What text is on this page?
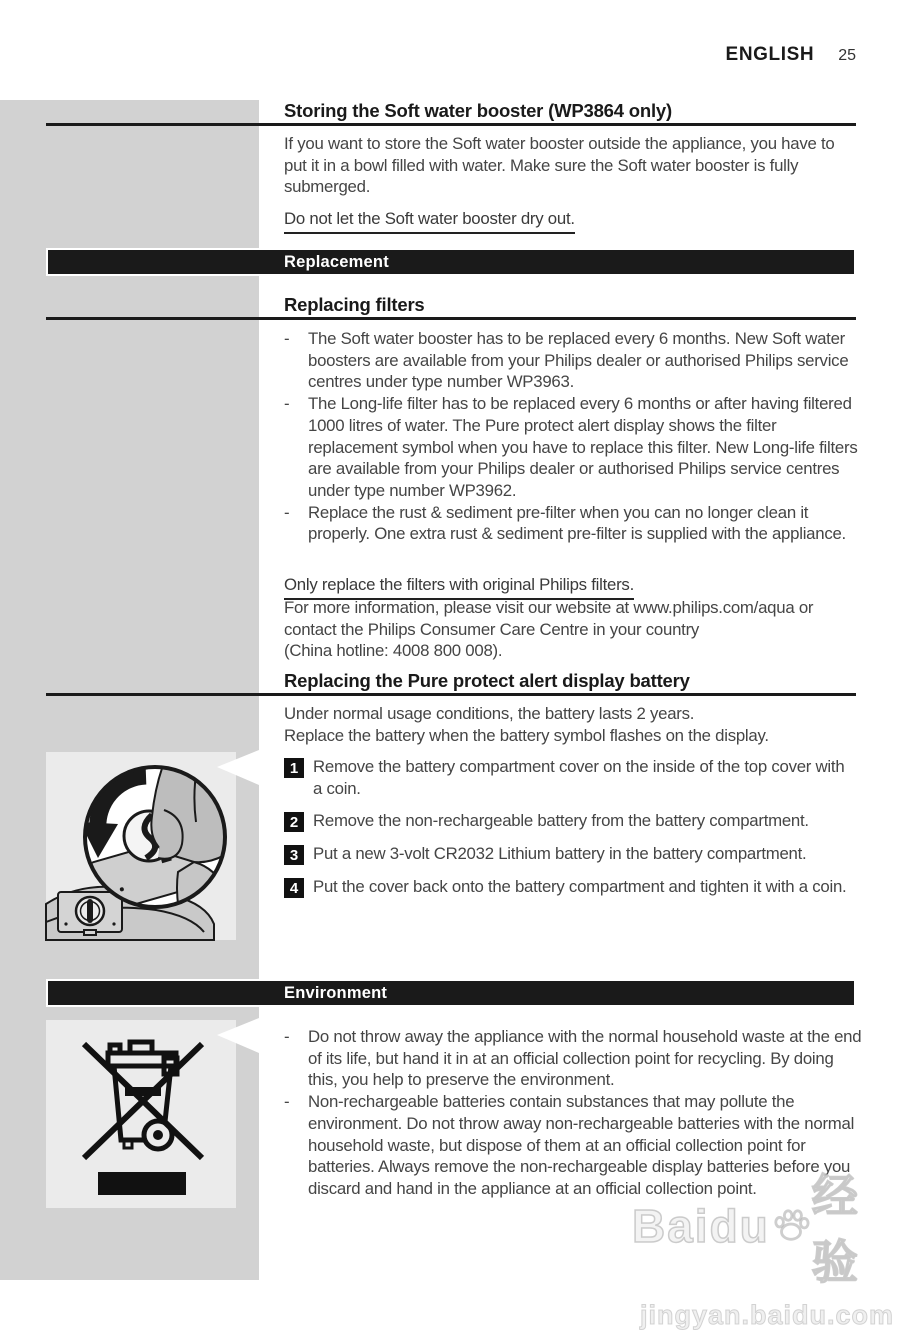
ENGLISH 25
Storing the Soft water booster (WP3864 only)
If you want to store the Soft water booster outside the appliance, you have to put it in a bowl filled with water. Make sure the Soft water booster is fully submerged.
Do not let the Soft water booster dry out.
Replacement
Replacing filters
-	The Soft water booster has to be replaced every 6 months. New Soft water boosters are available from your Philips dealer or authorised Philips service centres under type number WP3963.
-	The Long-life filter has to be replaced every 6 months or after having filtered 1000 litres of water. The Pure protect alert display shows the filter replacement symbol when you have to replace this filter. New Long-life filters are available from your Philips dealer or authorised Philips service centres under type number WP3962.
-	Replace the rust & sediment pre-filter when you can no longer clean it properly. One extra rust & sediment pre-filter is supplied with the appliance.
Only replace the filters with original Philips filters.
For more information, please visit our website at www.philips.com/aqua or contact the Philips Consumer Care Centre in your country
(China hotline: 4008 800 008).
Replacing the Pure protect alert display battery
Under normal usage conditions, the battery lasts 2 years.
Replace the battery when the battery symbol flashes on the display.
1 Remove the battery compartment cover on the inside of the top cover with a coin.
2 Remove the non-rechargeable battery from the battery compartment.
3 Put a new 3-volt CR2032 Lithium battery in the battery compartment.
4 Put the cover back onto the battery compartment and tighten it with a coin.
Environment
-	Do not throw away the appliance with the normal household waste at the end of its life, but hand it in at an official collection point for recycling. By doing this, you help to preserve the environment.
-	Non-rechargeable batteries contain substances that may pollute the environment. Do not throw away non-rechargeable batteries with the normal household waste, but dispose of them at an official collection point for batteries. Always remove the non-rechargeable display batteries before you discard and hand in the appliance at an official collection point.
Baidu
经验
jingyan.baidu.com
